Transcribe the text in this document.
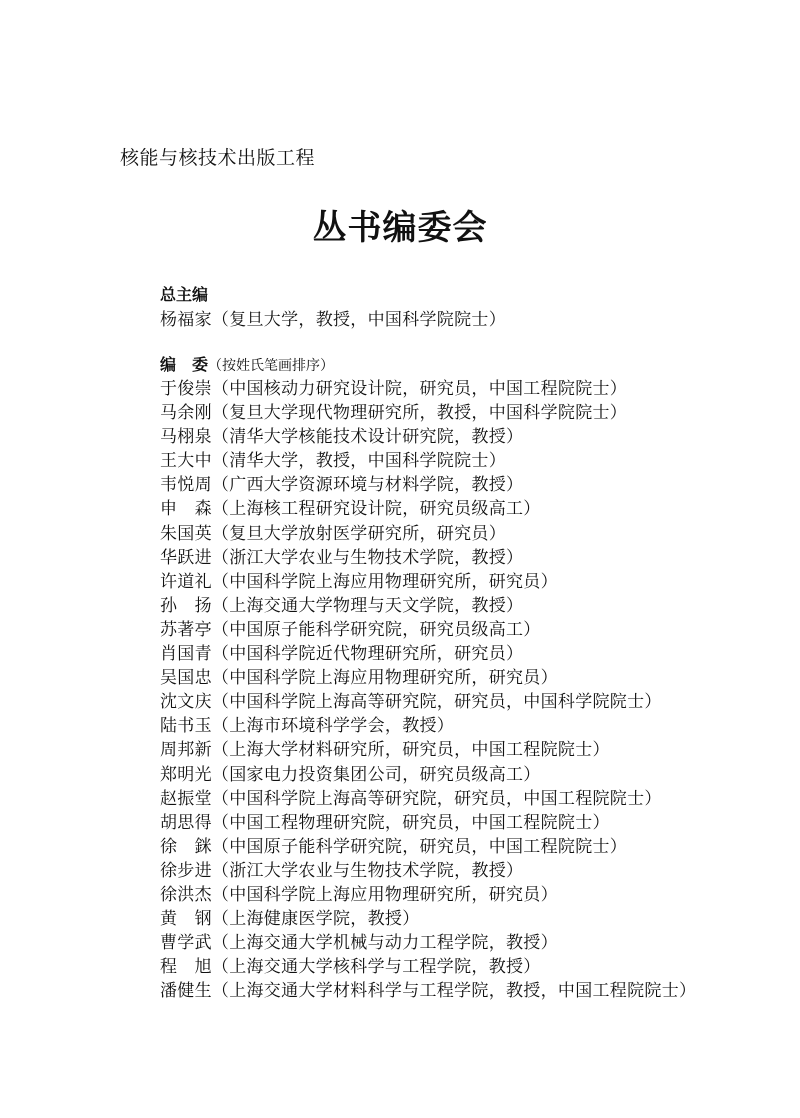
核能与核技术出版工程
丛书编委会
总主编
杨福家（复旦大学，教授，中国科学院院士）
编　委（按姓氏笔画排序）
于俊崇（中国核动力研究设计院，研究员，中国工程院院士）
马余刚（复旦大学现代物理研究所，教授，中国科学院院士）
马栩泉（清华大学核能技术设计研究院，教授）
王大中（清华大学，教授，中国科学院院士）
韦悦周（广西大学资源环境与材料学院，教授）
申　森（上海核工程研究设计院，研究员级高工）
朱国英（复旦大学放射医学研究所，研究员）
华跃进（浙江大学农业与生物技术学院，教授）
许道礼（中国科学院上海应用物理研究所，研究员）
孙　扬（上海交通大学物理与天文学院，教授）
苏著亭（中国原子能科学研究院，研究员级高工）
肖国青（中国科学院近代物理研究所，研究员）
吴国忠（中国科学院上海应用物理研究所，研究员）
沈文庆（中国科学院上海高等研究院，研究员，中国科学院院士）
陆书玉（上海市环境科学学会，教授）
周邦新（上海大学材料研究所，研究员，中国工程院院士）
郑明光（国家电力投资集团公司，研究员级高工）
赵振堂（中国科学院上海高等研究院，研究员，中国工程院院士）
胡思得（中国工程物理研究院，研究员，中国工程院院士）
徐　銤（中国原子能科学研究院，研究员，中国工程院院士）
徐步进（浙江大学农业与生物技术学院，教授）
徐洪杰（中国科学院上海应用物理研究所，研究员）
黄　钢（上海健康医学院，教授）
曹学武（上海交通大学机械与动力工程学院，教授）
程　旭（上海交通大学核科学与工程学院，教授）
潘健生（上海交通大学材料科学与工程学院，教授，中国工程院院士）
